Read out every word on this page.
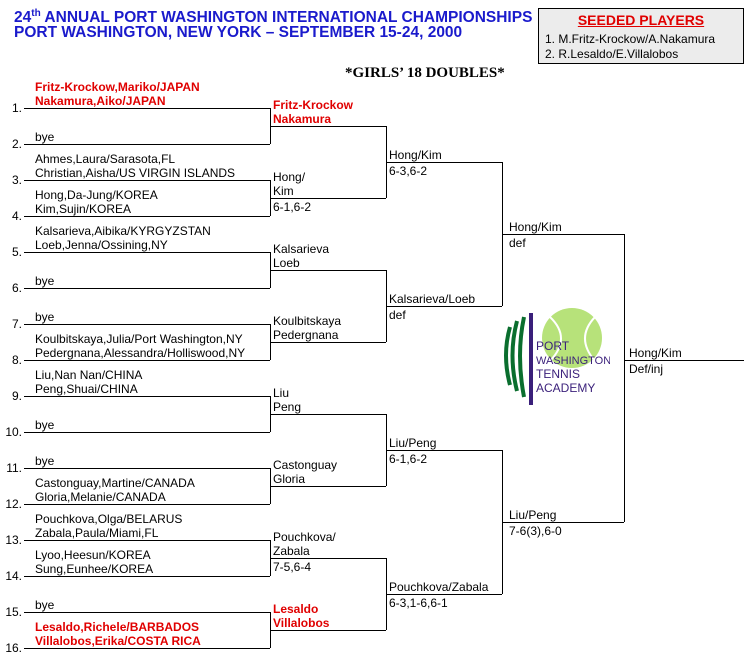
24th ANNUAL PORT WASHINGTON INTERNATIONAL CHAMPIONSHIPS
PORT WASHINGTON, NEW YORK – SEPTEMBER 15-24, 2000
*GIRLS’ 18 DOUBLES*
SEEDED PLAYERS
1. M.Fritz-Krockow/A.Nakamura
2. R.Lesaldo/E.Villalobos
1.
Fritz-Krockow,Mariko/JAPAN
Nakamura,Aiko/JAPAN
2. bye
3.
Ahmes,Laura/Sarasota,FL
Christian,Aisha/US VIRGIN ISLANDS
4.
Hong,Da-Jung/KOREA
Kim,Sujin/KOREA
5.
Kalsarieva,Aibika/KYRGYZSTAN
Loeb,Jenna/Ossining,NY
6. bye
7. bye
8.
Koulbitskaya,Julia/Port Washington,NY
Pedergnana,Alessandra/Holliswood,NY
9.
Liu,Nan Nan/CHINA
Peng,Shuai/CHINA
10. bye
11. bye
12.
Castonguay,Martine/CANADA
Gloria,Melanie/CANADA
13.
Pouchkova,Olga/BELARUS
Zabala,Paula/Miami,FL
14.
Lyoo,Heesun/KOREA
Sung,Eunhee/KOREA
15. bye
16.
Lesaldo,Richele/BARBADOS
Villalobos,Erika/COSTA RICA
Fritz-Krockow
Nakamura
Hong/
Kim
6-1,6-2
Kalsarieva
Loeb
Koulbitskaya
Pedergnana
Liu
Peng
Castonguay
Gloria
Pouchkova/
Zabala
7-5,6-4
Lesaldo
Villalobos
Hong/Kim
6-3,6-2
Kalsarieva/Loeb
def
Liu/Peng
6-1,6-2
Pouchkova/Zabala
6-3,1-6,6-1
Hong/Kim
def
Liu/Peng
7-6(3),6-0
Hong/Kim
Def/inj
PORT
WASHINGTON
TENNIS
ACADEMY
